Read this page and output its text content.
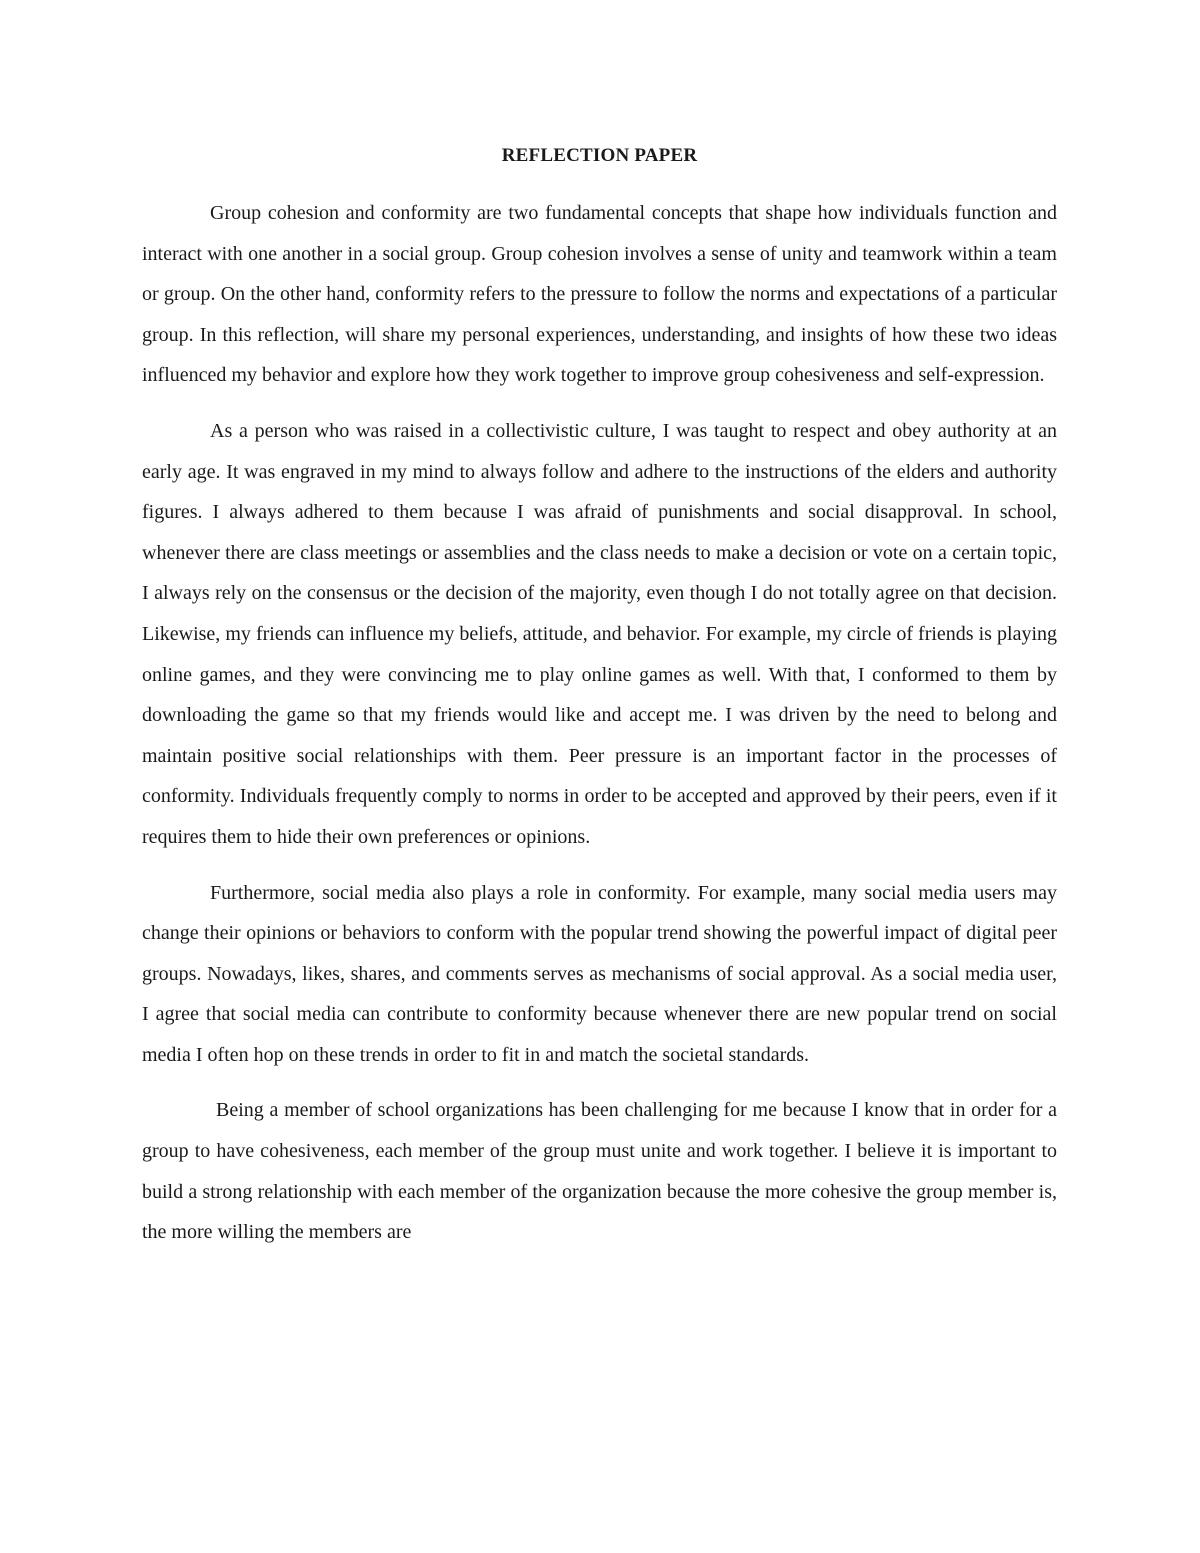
REFLECTION PAPER

Group cohesion and conformity are two fundamental concepts that shape how individuals function and interact with one another in a social group. Group cohesion involves a sense of unity and teamwork within a team or group. On the other hand, conformity refers to the pressure to follow the norms and expectations of a particular group. In this reflection, will share my personal experiences, understanding, and insights of how these two ideas influenced my behavior and explore how they work together to improve group cohesiveness and self-expression.

As a person who was raised in a collectivistic culture, I was taught to respect and obey authority at an early age. It was engraved in my mind to always follow and adhere to the instructions of the elders and authority figures. I always adhered to them because I was afraid of punishments and social disapproval. In school, whenever there are class meetings or assemblies and the class needs to make a decision or vote on a certain topic, I always rely on the consensus or the decision of the majority, even though I do not totally agree on that decision. Likewise, my friends can influence my beliefs, attitude, and behavior. For example, my circle of friends is playing online games, and they were convincing me to play online games as well. With that, I conformed to them by downloading the game so that my friends would like and accept me. I was driven by the need to belong and maintain positive social relationships with them. Peer pressure is an important factor in the processes of conformity. Individuals frequently comply to norms in order to be accepted and approved by their peers, even if it requires them to hide their own preferences or opinions.

Furthermore, social media also plays a role in conformity. For example, many social media users may change their opinions or behaviors to conform with the popular trend showing the powerful impact of digital peer groups. Nowadays, likes, shares, and comments serves as mechanisms of social approval. As a social media user, I agree that social media can contribute to conformity because whenever there are new popular trend on social media I often hop on these trends in order to fit in and match the societal standards.

Being a member of school organizations has been challenging for me because I know that in order for a group to have cohesiveness, each member of the group must unite and work together. I believe it is important to build a strong relationship with each member of the organization because the more cohesive the group member is, the more willing the members are
